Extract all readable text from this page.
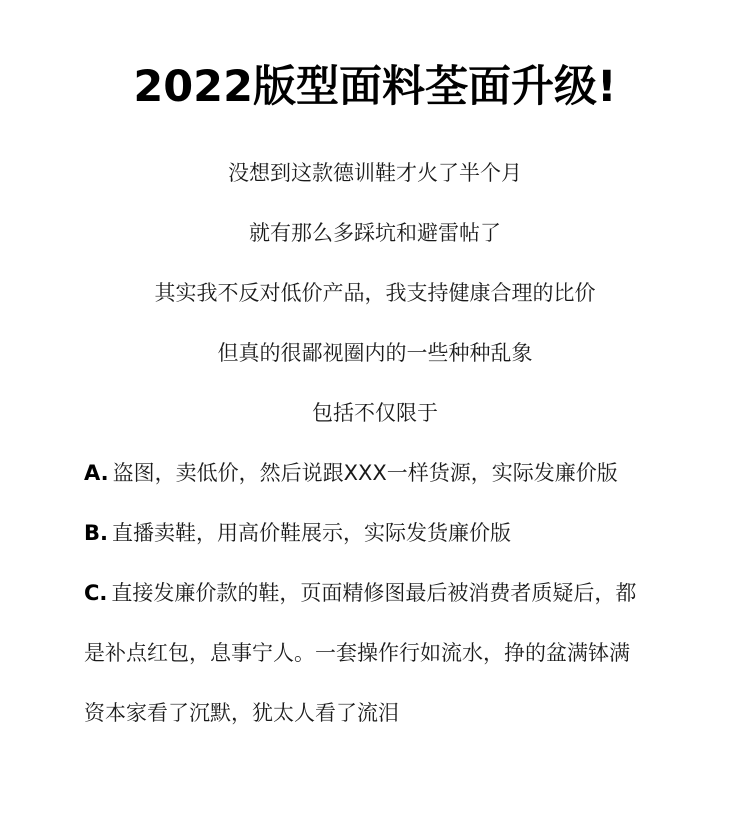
2022版型面料荃面升级!
没想到这款德训鞋才火了半个月
就有那么多踩坑和避雷帖了
其实我不反对低价产品，我支持健康合理的比价
但真的很鄙视圈内的一些种种乱象
包括不仅限于
A. 盗图，卖低价，然后说跟XXX一样货源，实际发廉价版
B. 直播卖鞋，用高价鞋展示，实际发货廉价版
C. 直接发廉价款的鞋，页面精修图最后被消费者质疑后，都
是补点红包，息事宁人。一套操作行如流水，挣的盆满钵满
资本家看了沉默，犹太人看了流泪
